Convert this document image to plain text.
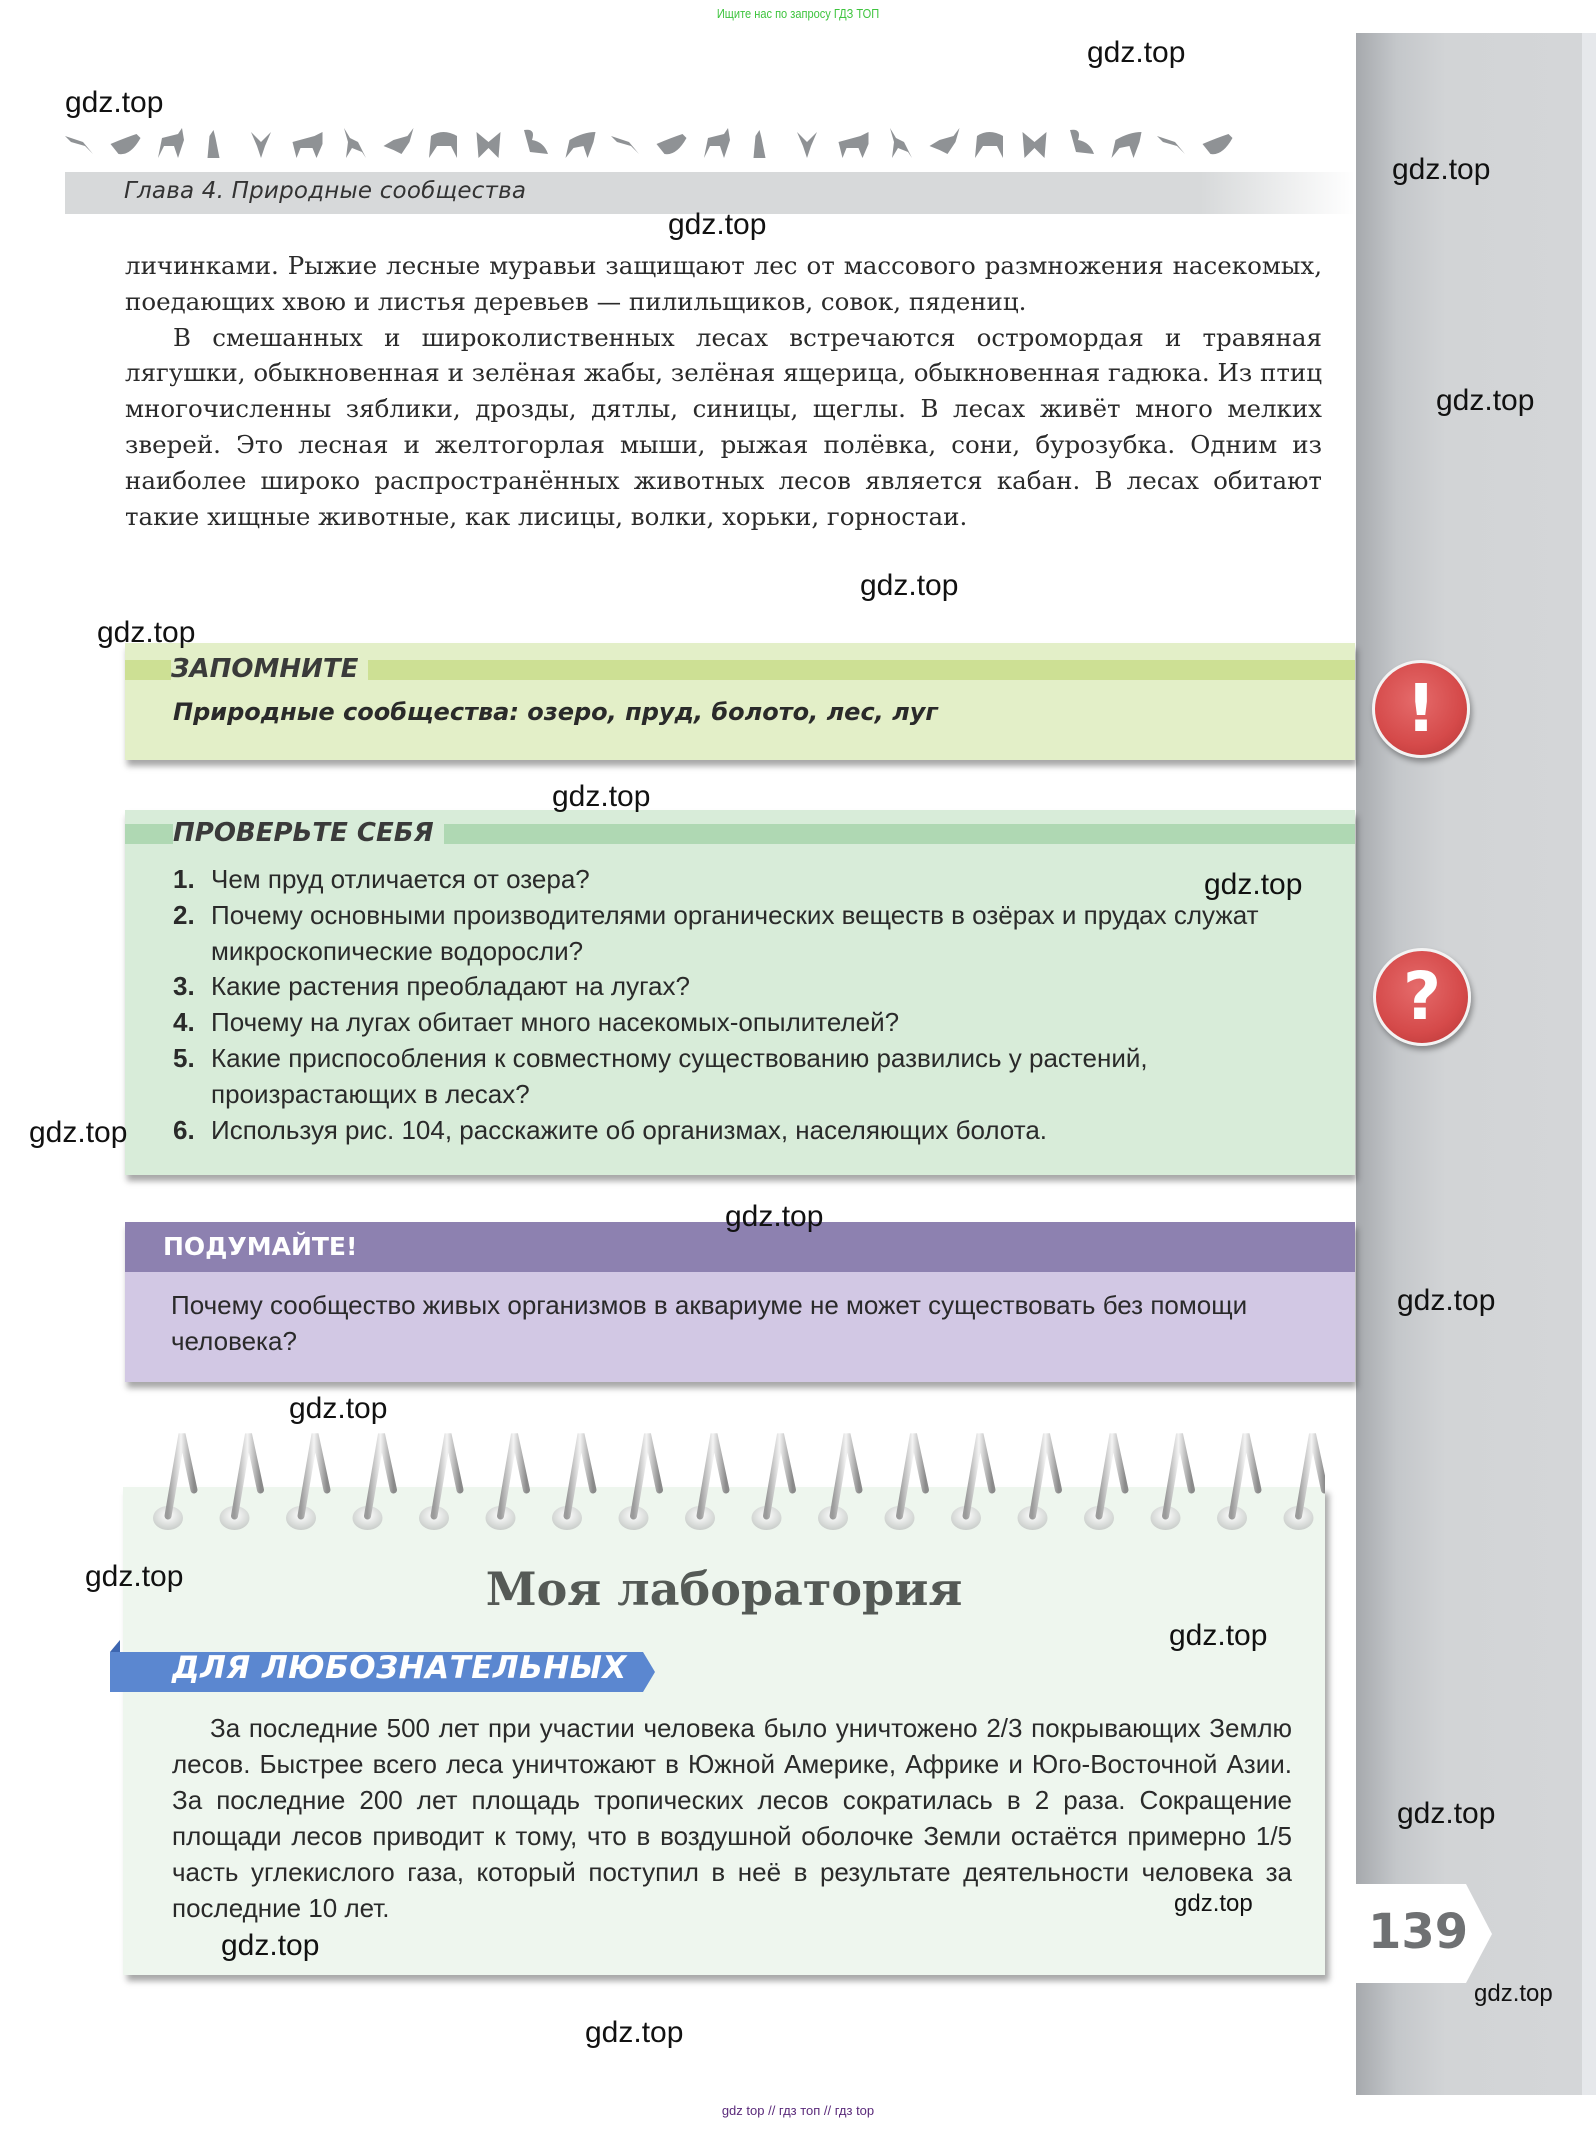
Ищите нас по запросу ГДЗ ТОП
Глава 4. Природные сообщества

личинками. Рыжие лесные муравьи защищают лес от массового размножения насекомых, поедающих хвою и листья деревьев — пилильщиков, совок, пядениц.

В смешанных и широколиственных лесах встречаются остромордая и травяная лягушки, обыкновенная и зелёная жабы, зелёная ящерица, обыкновенная гадюка. Из птиц многочисленны зяблики, дрозды, дятлы, синицы, щеглы. В лесах живёт много мелких зверей. Это лесная и желтогорлая мыши, рыжая полёвка, сони, бурозубка. Одним из наиболее широко распространённых животных лесов является кабан. В лесах обитают такие хищные животные, как лисицы, волки, хорьки, горностаи.

ЗАПОМНИТЕ
Природные сообщества: озеро, пруд, болото, лес, луг	!
ПРОВЕРЬТЕ СЕБЯ
1. Чем пруд отличается от озера?
2. Почему основными производителями органических веществ в озёрах и прудах служат микроскопические водоросли?
3. Какие растения преобладают на лугах?
4. Почему на лугах обитает много насекомых-опылителей?
5. Какие приспособления к совместному существованию развились у растений, произрастающих в лесах?
6. Используя рис. 104, расскажите об организмах, населяющих болота.
?
ПОДУМАЙТЕ!
Почему сообщество живых организмов в аквариуме не может существовать без помощи человека?
Моя лаборатория
ДЛЯ ЛЮБОЗНАТЕЛЬНЫХ

За последние 500 лет при участии человека было уничтожено 2/3 покрывающих Землю лесов. Быстрее всего леса уничтожают в Южной Америке, Африке и Юго-Восточной Азии. За последние 200 лет площадь тропических лесов сократилась в 2 раза. Сокращение площади лесов приводит к тому, что в воздушной оболочке Земли остаётся примерно 1/5 часть углекислого газа, который поступил в неё в результате деятельности человека за последние 10 лет.	139
gdz.top
gdz.top
gdz.top
gdz.top
gdz.top
gdz.top
gdz.top
gdz.top
gdz.top
gdz.top
gdz.top
gdz.top
gdz.top
gdz.top
gdz.top
gdz.top
gdz.top
gdz.top
gdz.top
gdz.top
gdz top // гдз топ // гдз top
